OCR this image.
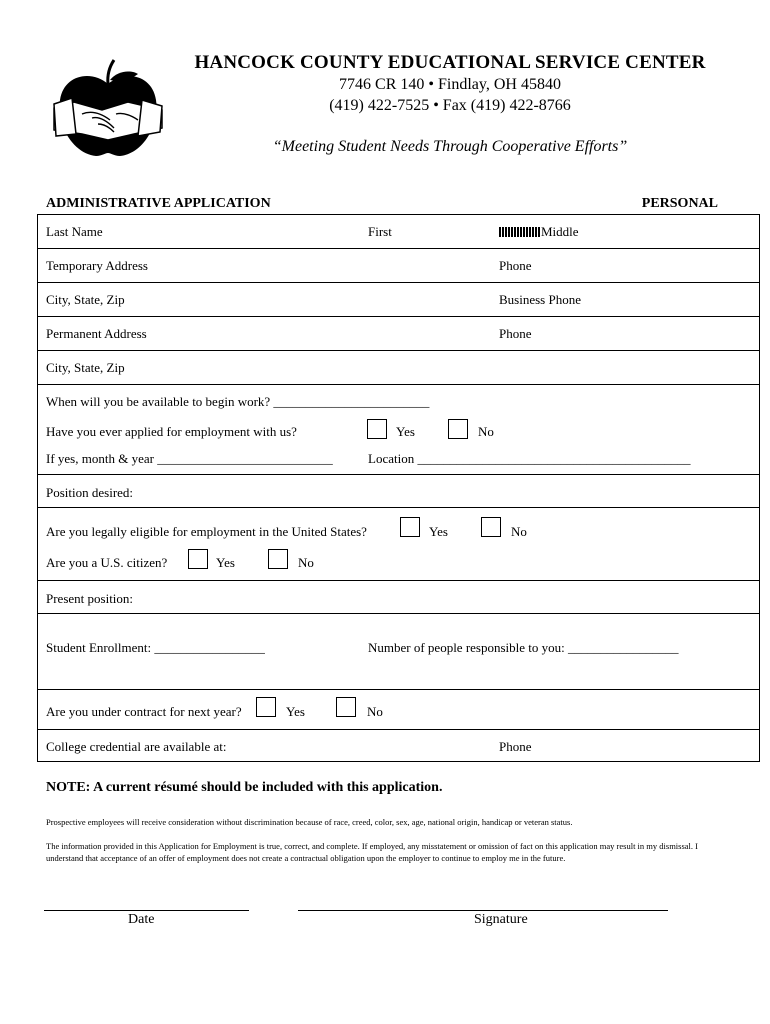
HANCOCK COUNTY EDUCATIONAL SERVICE CENTER
7746 CR 140 • Findlay, OH 45840
(419) 422-7525 • Fax (419) 422-8766
“Meeting Student Needs Through Cooperative Efforts”
ADMINISTRATIVE APPLICATION	PERSONAL
Last Name	First	Middle
Temporary Address	Phone
City, State, Zip	Business Phone
Permanent Address	Phone
City, State, Zip
When will you be available to begin work? ________________________
Have you ever applied for employment with us?	Yes	No
If yes, month & year ___________________________	Location __________________________________________
Position desired:
Are you legally eligible for employment in the United States?	Yes	No
Are you a U.S. citizen?	Yes	No
Present position:
Student Enrollment: _________________	Number of people responsible to you: _________________
Are you under contract for next year?	Yes	No
College credential are available at:	Phone
NOTE: A current résumé should be included with this application.
Prospective employees will receive consideration without discrimination because of race, creed, color, sex, age, national origin, handicap or veteran status.
The information provided in this Application for Employment is true, correct, and complete. If employed, any misstatement or omission of fact on this application may result in my dismissal. I understand that acceptance of an offer of employment does not create a contractual obligation upon the employer to continue to employ me in the future.
Date	Signature
